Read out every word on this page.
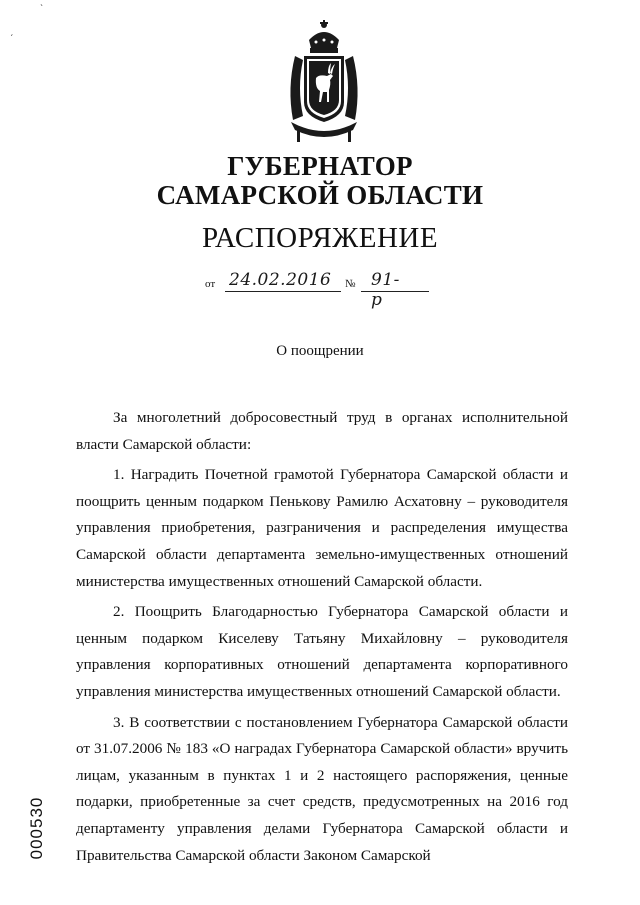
ˋ
ˊ
ГУБЕРНАТОР
САМАРСКОЙ ОБЛАСТИ
РАСПОРЯЖЕНИЕ
от 24.02.2016 № 91-р
О поощрении

За многолетний добросовестный труд в органах исполнительной власти Самарской области:

1. Наградить Почетной грамотой Губернатора Самарской области и поощрить ценным подарком Пенькову Рамилю Асхатовну – руководителя управления приобретения, разграничения и распределения имущества Самарской области департамента земельно-имущественных отношений министерства имущественных отношений Самарской области.

2. Поощрить Благодарностью Губернатора Самарской области и ценным подарком Киселеву Татьяну Михайловну – руководителя управления корпоративных отношений департамента корпоративного управления министерства имущественных отношений Самарской области.

3. В соответствии с постановлением Губернатора Самарской области от 31.07.2006 № 183 «О наградах Губернатора Самарской области» вручить лицам, указанным в пунктах 1 и 2 настоящего распоряжения, ценные подарки, приобретенные за счет средств, предусмотренных на 2016 год департаменту управления делами Губернатора Самарской области и Правительства Самарской области Законом Самарской

000530
